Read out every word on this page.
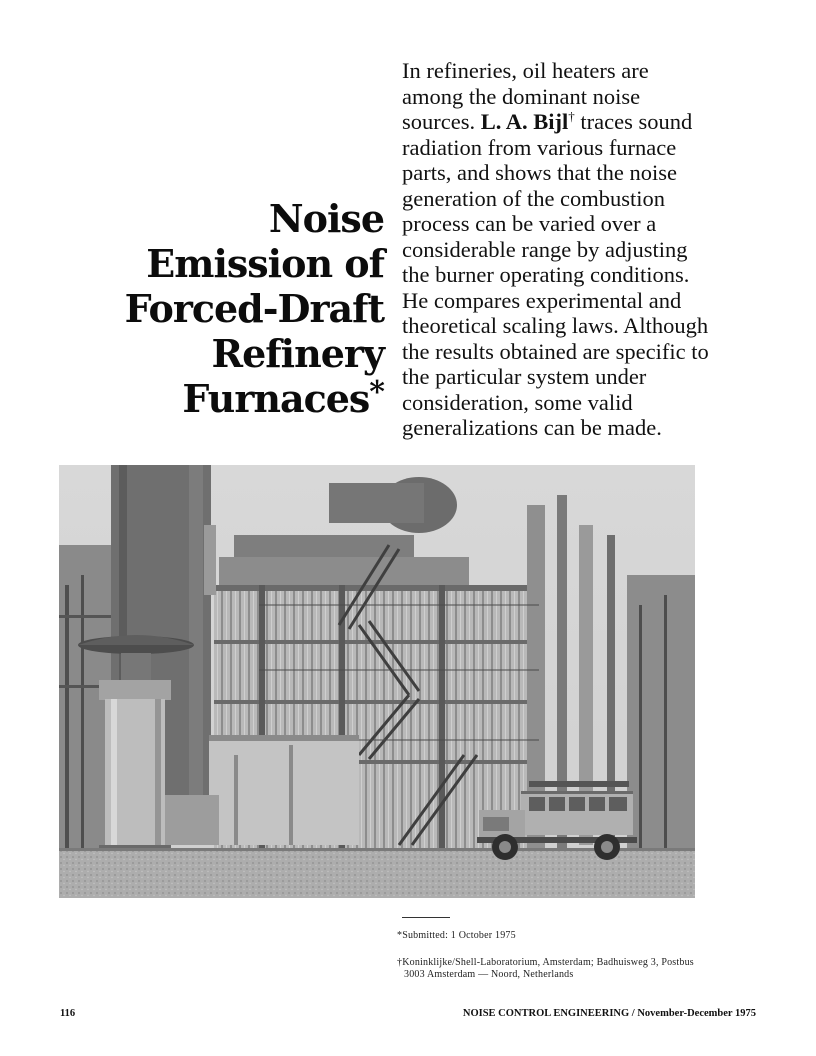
Noise
Emission of
Forced-Draft
Refinery
Furnaces*
In refineries, oil heaters are
among the dominant noise
sources. L. A. Bijl† traces sound
radiation from various furnace
parts, and shows that the noise
generation of the combustion
process can be varied over a
considerable range by adjusting
the burner operating conditions.
He compares experimental and
theoretical scaling laws. Although
the results obtained are specific to
the particular system under
consideration, some valid
generalizations can be made.
*Submitted: 1 October 1975
†Koninklijke/Shell-Laboratorium, Amsterdam; Badhuisweg 3, Postbus
3003 Amsterdam — Noord, Netherlands
116	NOISE CONTROL ENGINEERING / November-December 1975
